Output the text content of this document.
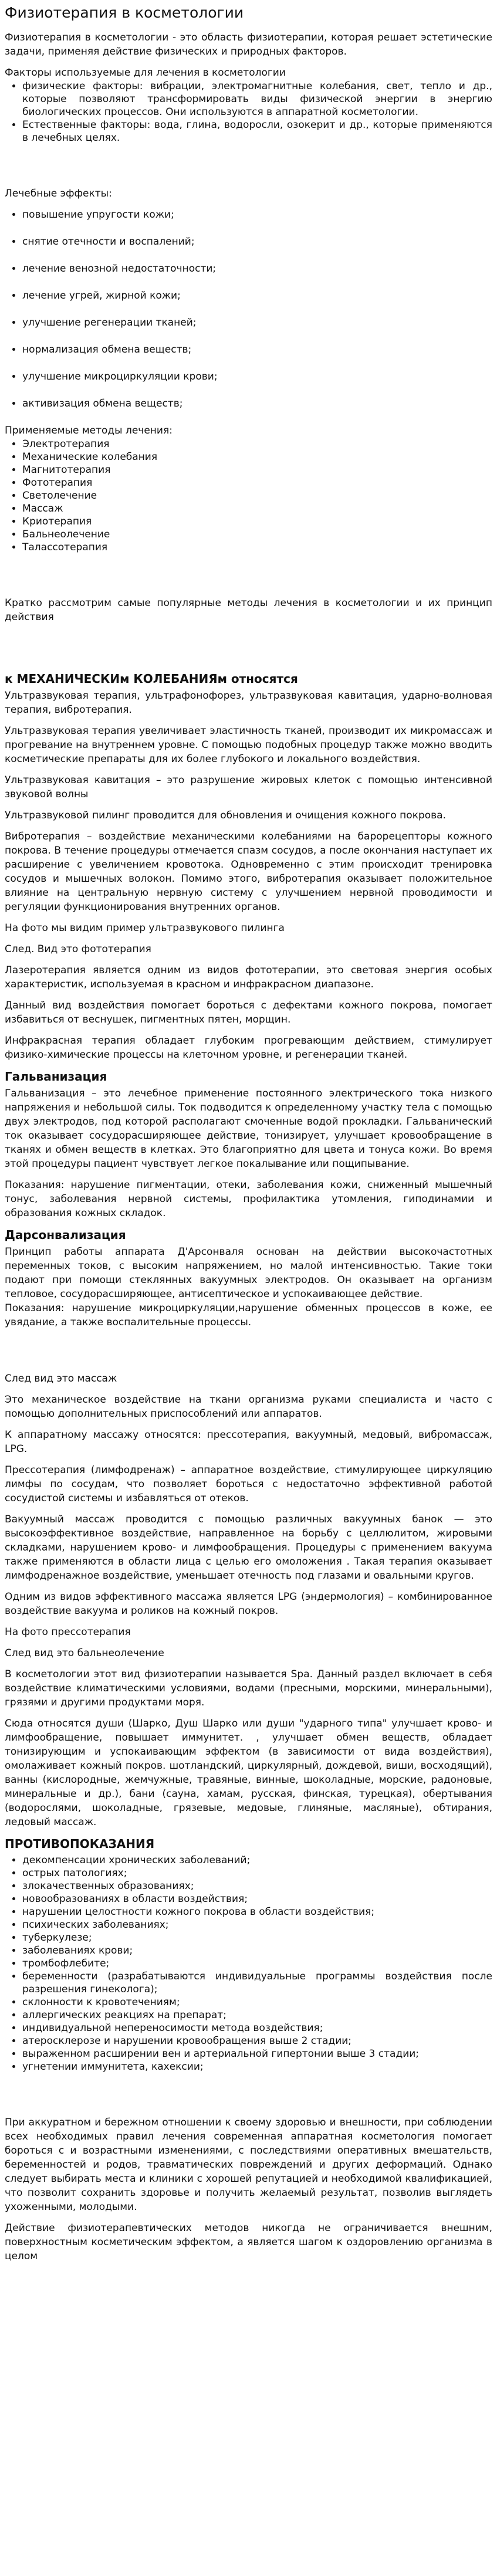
Физиотерапия в косметологии

Физиотерапия в косметологии - это область физиотерапии, которая решает эстетические задачи, применяя действие физических и природных факторов.

Факторы используемые для лечения в косметологии

• физические факторы: вибрации, электромагнитные колебания, свет, тепло и др., которые позволяют трансформировать виды физической энергии в энергию биологических процессов. Они используются в аппаратной косметологии.
• Естественные факторы: вода, глина, водоросли, озокерит и др., которые применяются в лечебных целях.

Лечебные эффекты:

• повышение упругости кожи;
• снятие отечности и воспалений;
• лечение венозной недостаточности;
• лечение угрей, жирной кожи;
• улучшение регенерации тканей;
• нормализация обмена веществ;
• улучшение микроциркуляции крови;
• активизация обмена веществ;

Применяемые методы лечения:

• Электротерапия
• Механические колебания
• Магнитотерапия
• Фототерапия
• Светолечение
• Массаж
• Криотерапия
• Бальнеолечение
• Талассотерапия

Кратко рассмотрим самые популярные методы лечения в косметологии и их принцип действия

к МЕХАНИЧЕСКИм КОЛЕБАНИЯм относятся

Ультразвуковая терапия, ультрафонофорез, ультразвуковая кавитация, ударно-волновая терапия, вибротерапия.

Ультразвуковая терапия увеличивает эластичность тканей, производит их микромассаж и прогревание на внутреннем уровне. С помощью подобных процедур также можно вводить косметические препараты для их более глубокого и локального воздействия.

Ультразвуковая кавитация – это разрушение жировых клеток с помощью интенсивной звуковой волны

Ультразвуковой пилинг проводится для обновления и очищения кожного покрова.

Вибротерапия – воздействие механическими колебаниями на барорецепторы кожного покрова. В течение процедуры отмечается спазм сосудов, а после окончания наступает их расширение с увеличением кровотока. Одновременно с этим происходит тренировка сосудов и мышечных волокон. Помимо этого, вибротерапия оказывает положительное влияние на центральную нервную систему с улучшением нервной проводимости и регуляции функционирования внутренних органов.

На фото мы видим пример ультразвукового пилинга

След. Вид это фототерапия

Лазеротерапия является одним из видов фототерапии, это световая энергия особых характеристик, используемая в красном и инфракрасном диапазоне.

Данный вид воздействия помогает бороться с дефектами кожного покрова, помогает избавиться от веснушек, пигментных пятен, морщин.

Инфракрасная терапия обладает глубоким прогревающим действием, стимулирует физико-химические процессы на клеточном уровне, и регенерации тканей.

Гальванизация

Гальванизация – это лечебное применение постоянного электрического тока низкого напряжения и небольшой силы. Ток подводится к определенному участку тела с помощью двух электродов, под которой располагают смоченные водой прокладки. Гальванический ток оказывает сосудорасширяющее действие, тонизирует, улучшает кровообращение в тканях и обмен веществ в клетках. Это благоприятно для цвета и тонуса кожи. Во время этой процедуры пациент чувствует легкое покалывание или пощипывание.

Показания: нарушение пигментации, отеки, заболевания кожи, сниженный мышечный тонус, заболевания нервной системы, профилактика утомления, гиподинамии и образования кожных складок.

Дарсонвализация

Принцип работы аппарата Д'Арсонваля основан на действии высокочастотных переменных токов, с высоким напряжением, но малой интенсивностью. Такие токи подают при помощи стеклянных вакуумных электродов. Он оказывает на организм тепловое, сосудорасширяющее, антисептическое и успокаивающее действие.

Показания: нарушение микроциркуляции,нарушение обменных процессов в коже, ее увядание, а также воспалительные процессы.

След вид это массаж

Это механическое воздействие на ткани организма руками специалиста и часто с помощью дополнительных приспособлений или аппаратов.

К аппаратному массажу относятся: прессотерапия, вакуумный, медовый, вибромассаж, LPG.

Прессотерапия (лимфодренаж) – аппаратное воздействие, стимулирующее циркуляцию лимфы по сосудам, что позволяет бороться с недостаточно эффективной работой сосудистой системы и избавляться от отеков.

Вакуумный массаж проводится с помощью различных вакуумных банок — это высокоэффективное воздействие, направленное на борьбу с целлюлитом, жировыми складками, нарушением крово- и лимфообращения. Процедуры с применением вакуума также применяются в области лица с целью его омоложения . Такая терапия оказывает лимфодренажное воздействие, уменьшает отечность под глазами и овальными кругов.

Одним из видов эффективного массажа является LPG (эндермология) – комбинированное воздействие вакуума и роликов на кожный покров.

На фото прессотерапия

След вид это бальнеолечение

В косметологии этот вид физиотерапии называется Spa. Данный раздел включает в себя воздействие климатическими условиями, водами (пресными, морскими, минеральными), грязями и другими продуктами моря.

Сюда относятся души (Шарко, Душ Шарко или души "ударного типа" улучшает крово- и лимфообращение, повышает иммунитет. , улучшает обмен веществ, обладает тонизирующим и успокаивающим эффектом (в зависимости от вида воздействия), омолаживает кожный покров. шотландский, циркулярный, дождевой, виши, восходящий), ванны (кислородные, жемчужные, травяные, винные, шоколадные, морские, радоновые, минеральные и др.), бани (сауна, хамам, русская, финская, турецкая), обертывания (водорослями, шоколадные, грязевые, медовые, глиняные, масляные), обтирания, ледовый массаж.

ПРОТИВОПОКАЗАНИЯ
• декомпенсации хронических заболеваний;
• острых патологиях;
• злокачественных образованиях;
• новообразованиях в области воздействия;
• нарушении целостности кожного покрова в области воздействия;
• психических заболеваниях;
• туберкулезе;
• заболеваниях крови;
• тромбофлебите;
• беременности (разрабатываются индивидуальные программы воздействия после разрешения гинеколога);
• склонности к кровотечениям;
• аллергических реакциях на препарат;
• индивидуальной непереносимости метода воздействия;
• атеросклерозе и нарушении кровообращения выше 2 стадии;
• выраженном расширении вен и артериальной гипертонии выше 3 стадии;
• угнетении иммунитета, кахексии;

При аккуратном и бережном отношении к своему здоровью и внешности, при соблюдении всех необходимых правил лечения современная аппаратная косметология помогает бороться с и возрастными изменениями, с последствиями оперативных вмешательств, беременностей и родов, травматических повреждений и других деформаций. Однако следует выбирать места и клиники с хорошей репутацией и необходимой квалификацией, что позволит сохранить здоровье и получить желаемый результат, позволив выглядеть ухоженными, молодыми.

Действие физиотерапевтических методов никогда не ограничивается внешним, поверхностным косметическим эффектом, а является шагом к оздоровлению организма в целом
